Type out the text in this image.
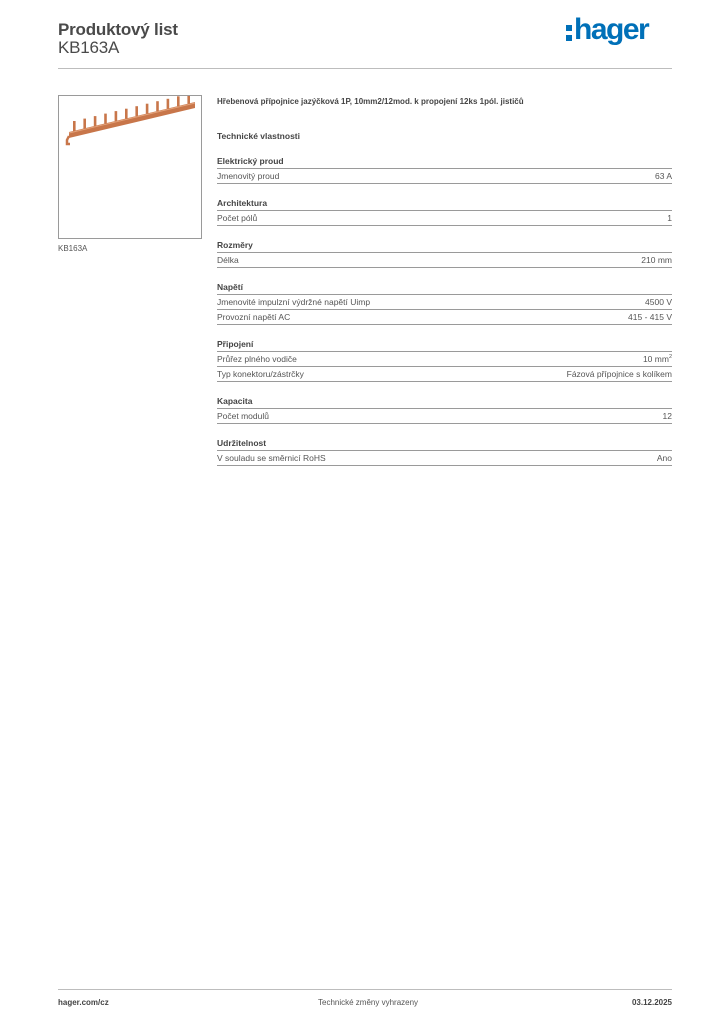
Produktový list
KB163A
hager
KB163A
Hřebenová přípojnice jazýčková 1P, 10mm2/12mod. k propojení 12ks 1pól. jističů
Technické vlastnosti
Elektrický proud
Jmenovitý proud	63 A
Architektura
Počet pólů	1
Rozměry
Délka	210 mm
Napětí
Jmenovité impulzní výdržné napětí Uimp	4500 V
Provozní napětí AC	415 - 415 V
Připojení
Průřez plného vodiče	10 $mm^2$
Typ konektoru/zástrčky	Fázová přípojnice s kolíkem
Kapacita
Počet modulů	12
Udržitelnost
V souladu se směrnicí RoHS	Ano
hager.com/cz	Technické změny vyhrazeny	03.12.2025
